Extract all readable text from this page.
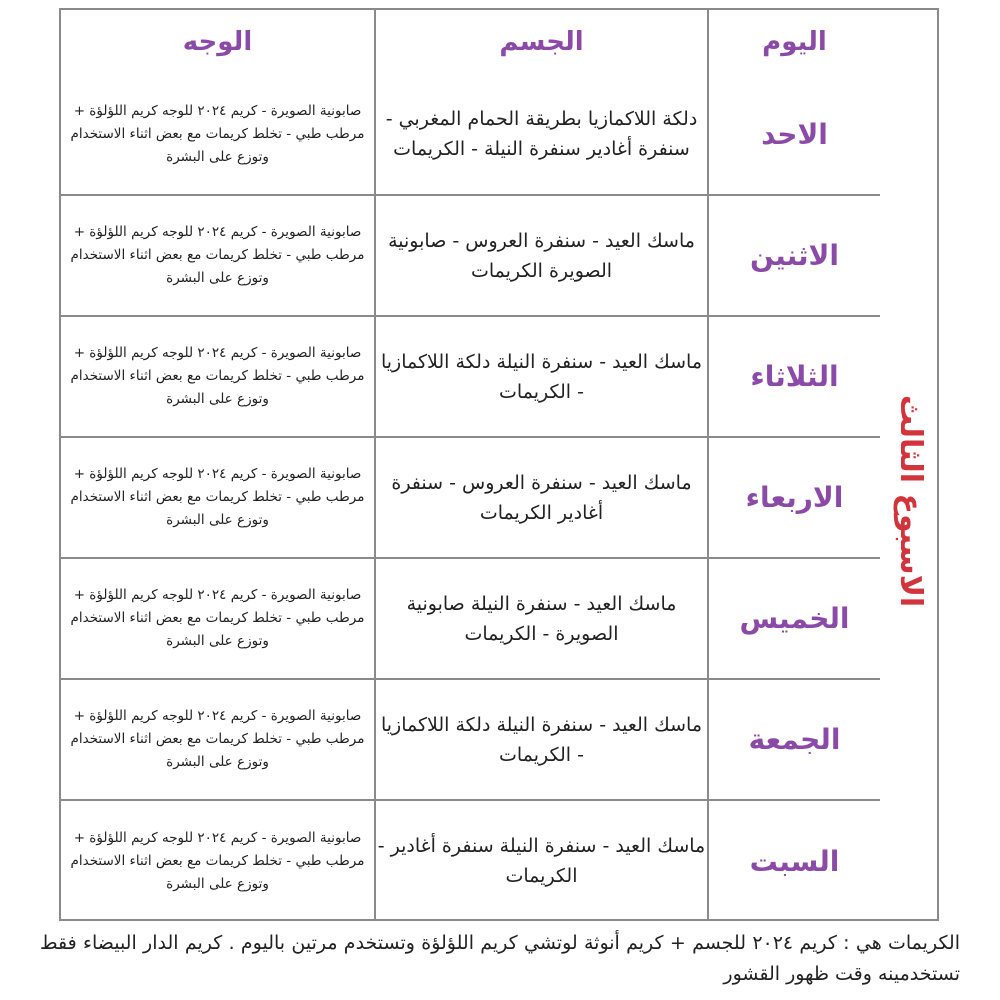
اليوم	الجسم	الوجه
الاحد	دلكة اللاكمازيا بطريقة الحمام المغربي - سنفرة أغادير سنفرة النيلة - الكريمات	صابونية الصويرة - كريم ٢٠٢٤ للوجه كريم اللؤلؤة + مرطب طبي - تخلط كريمات مع بعض اثناء الاستخدام وتوزع على البشرة
الاثنين	ماسك العيد - سنفرة العروس - صابونية الصويرة الكريمات	صابونية الصويرة - كريم ٢٠٢٤ للوجه كريم اللؤلؤة + مرطب طبي - تخلط كريمات مع بعض اثناء الاستخدام وتوزع على البشرة
الثلاثاء	ماسك العيد - سنفرة النيلة دلكة اللاكمازيا - الكريمات	صابونية الصويرة - كريم ٢٠٢٤ للوجه كريم اللؤلؤة + مرطب طبي - تخلط كريمات مع بعض اثناء الاستخدام وتوزع على البشرة
الاربعاء	ماسك العيد - سنفرة العروس - سنفرة أغادير الكريمات	صابونية الصويرة - كريم ٢٠٢٤ للوجه كريم اللؤلؤة + مرطب طبي - تخلط كريمات مع بعض اثناء الاستخدام وتوزع على البشرة
الخميس	ماسك العيد - سنفرة النيلة صابونية الصويرة - الكريمات	صابونية الصويرة - كريم ٢٠٢٤ للوجه كريم اللؤلؤة + مرطب طبي - تخلط كريمات مع بعض اثناء الاستخدام وتوزع على البشرة
الجمعة	ماسك العيد - سنفرة النيلة دلكة اللاكمازيا - الكريمات	صابونية الصويرة - كريم ٢٠٢٤ للوجه كريم اللؤلؤة + مرطب طبي - تخلط كريمات مع بعض اثناء الاستخدام وتوزع على البشرة
السبت	ماسك العيد - سنفرة النيلة سنفرة أغادير - الكريمات	صابونية الصويرة - كريم ٢٠٢٤ للوجه كريم اللؤلؤة + مرطب طبي - تخلط كريمات مع بعض اثناء الاستخدام وتوزع على البشرة
الاسبوع الثالث
الكريمات هي : كريم ٢٠٢٤ للجسم + كريم أنوثة لوتشي كريم اللؤلؤة وتستخدم مرتين باليوم . كريم الدار البيضاء فقط تستخدمينه وقت ظهور القشور
